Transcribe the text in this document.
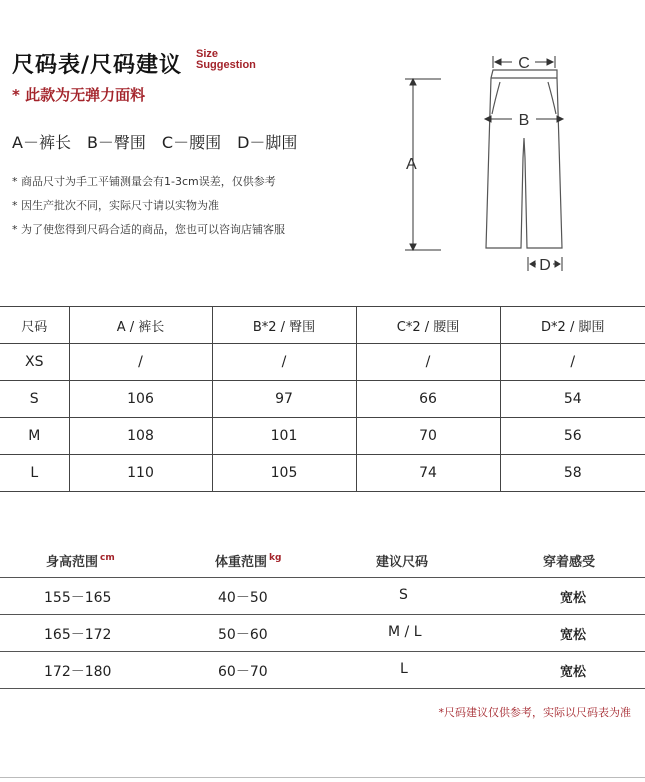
尺码表/尺码建议 Size
Suggestion
* 此款为无弹力面料
A－裤长　B－臀围　C－腰围　D－脚围
* 商品尺寸为手工平铺测量会有1-3cm误差，仅供参考
* 因生产批次不同，实际尺寸请以实物为准
* 为了使您得到尺码合适的商品，您也可以咨询店铺客服
A
C
B
D
尺码	A / 裤长	B*2 / 臀围	C*2 / 腰围	D*2 / 脚围
XS	/	/	/	/
S	106	97	66	54
M	108	101	70	56
L	110	105	74	58
身高范围 $^{cm}$	体重范围 $^{kg}$	建议尺码	穿着感受
155－165	40－50	S	宽松
165－172	50－60	M / L	宽松
172－180	60－70	L	宽松
*尺码建议仅供参考，实际以尺码表为准
